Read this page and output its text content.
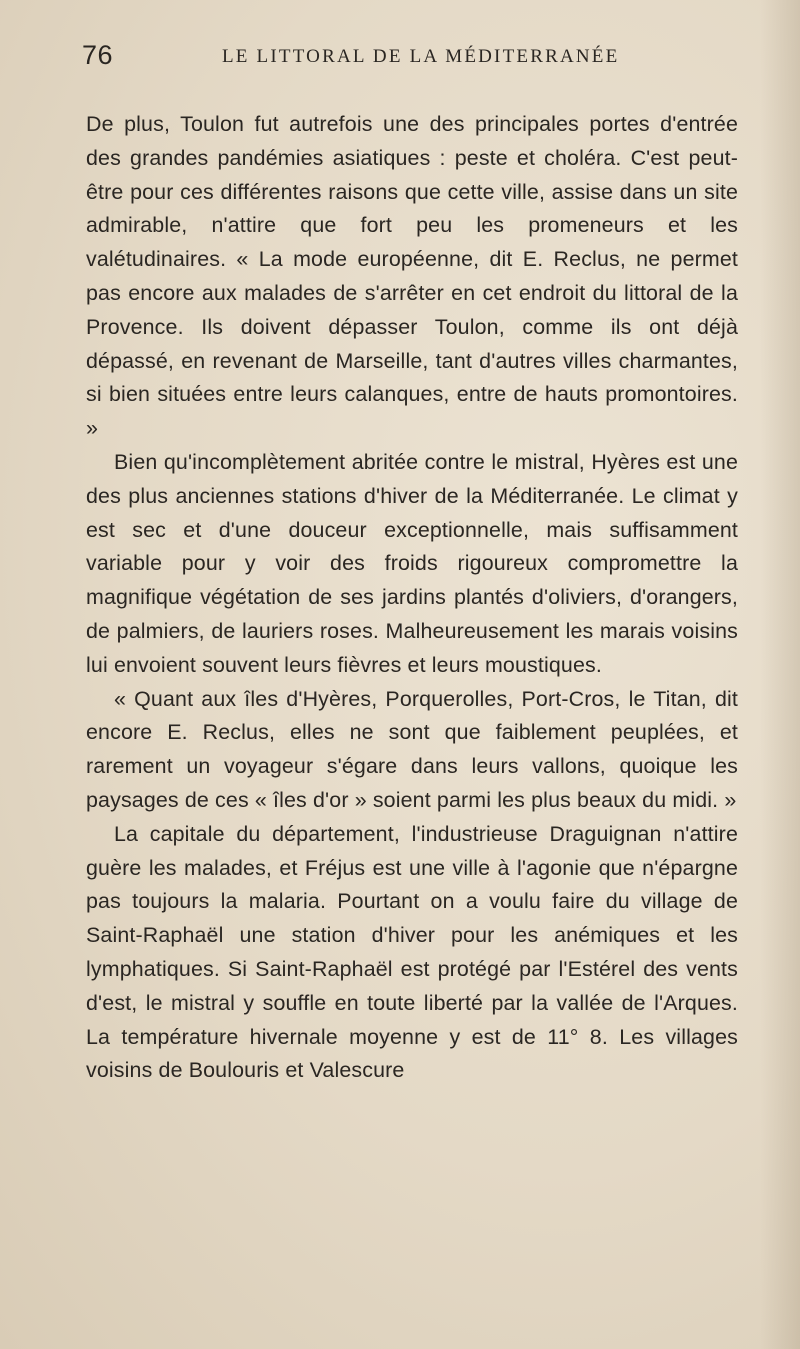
76	LE LITTORAL DE LA MÉDITERRANÉE

De plus, Toulon fut autrefois une des principales portes d'entrée des grandes pandémies asiatiques : peste et choléra. C'est peut-être pour ces différentes raisons que cette ville, assise dans un site admirable, n'attire que fort peu les promeneurs et les valétudinaires. « La mode européenne, dit E. Reclus, ne permet pas encore aux malades de s'arrêter en cet endroit du littoral de la Provence. Ils doivent dépasser Toulon, comme ils ont déjà dépassé, en revenant de Marseille, tant d'autres villes charmantes, si bien situées entre leurs calanques, entre de hauts promontoires. »

Bien qu'incomplètement abritée contre le mistral, Hyères est une des plus anciennes stations d'hiver de la Méditerranée. Le climat y est sec et d'une douceur exceptionnelle, mais suffisamment variable pour y voir des froids rigoureux compromettre la magnifique végétation de ses jardins plantés d'oliviers, d'orangers, de palmiers, de lauriers roses. Malheureusement les marais voisins lui envoient souvent leurs fièvres et leurs moustiques.

« Quant aux îles d'Hyères, Porquerolles, Port-Cros, le Titan, dit encore E. Reclus, elles ne sont que faiblement peuplées, et rarement un voyageur s'égare dans leurs vallons, quoique les paysages de ces « îles d'or » soient parmi les plus beaux du midi. »

La capitale du département, l'industrieuse Draguignan n'attire guère les malades, et Fréjus est une ville à l'agonie que n'épargne pas toujours la malaria. Pourtant on a voulu faire du village de Saint-Raphaël une station d'hiver pour les anémiques et les lymphatiques. Si Saint-Raphaël est protégé par l'Estérel des vents d'est, le mistral y souffle en toute liberté par la vallée de l'Arques. La température hivernale moyenne y est de 11° 8. Les villages voisins de Boulouris et Valescure
